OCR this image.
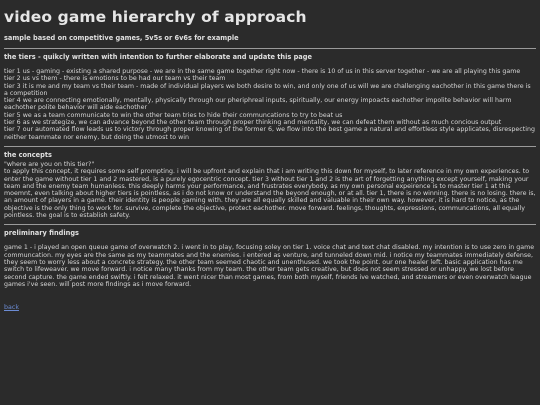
video game hierarchy of approach
sample based on competitive games, 5v5s or 6v6s for example
the tiers - quikcly written with intention to further elaborate and update this page
tier 1 us - gaming - existing a shared purpose - we are in the same game together right now - there is 10 of us in this server together - we are all playing this game
tier 2 us vs them - there is emotions to be had our team vs their team
tier 3 it is me and my team vs their team - made of individual players we both desire to win, and only one of us will we are challenging eachother in this game there is a competition
tier 4 we are connecting emotionally, mentally, physically through our pheriphreal inputs, spiritually, our energy impoacts eachother impolite behavior will harm eachother polite behavior will aide eachother
tier 5 we as a team communicate to win the other team tries to hide their communcations to try to beat us
tier 6 as we strategize, we can advance beyond the other team through proper thinking and mentality, we can defeat them without as much concious output
tier 7 our automated flow leads us to victory through proper knowing of the former 6, we flow into the best game a natural and effortless style applicates, disrespecting neither teammate nor enemy, but doing the utmost to win
the concepts
"where are you on this tier?"

to apply this concept, it requires some self prompting. i will be upfront and explain that i am writing this down for myself, to later reference in my own experiences. to enter the game without tier 1 and 2 mastered, is a purely egocentric concept. tier 3 without tier 1 and 2 is the art of forgetting anything except yourself, making your team and the enemy team humanless. this deeply harms your performance, and frustrates everybody. as my own personal expeirence is to master tier 1 at this moemnt, even talking about higher tiers is pointless, as i do not know or understand the beyond enough, or at all. tier 1, there is no winning. there is no losing. there is, an amount of players in a game. their identity is people gaming with. they are all equally skilled and valuable in their own way. however, it is hard to notice, as the objective is the only thing to work for. survive, complete the objective, protect eachother. move forward. feelings, thoughts, expressions, communcations, all equally pointless. the goal is to establish safety.

preliminary findings

game 1 - i played an open queue game of overwatch 2. i went in to play, focusing soley on tier 1. voice chat and text chat disabled. my intention is to use zero in game communcation. my eyes are the same as my teammates and the enemies. i entered as venture, and tunneled down mid. i notice my teammates immediately defense, they seem to worry less about a concrete strategy. the other team seemed chaotic and unenthused. we took the point. our one healer left. basic application has me switch to lifeweaver. we move forward. i notice many thanks from my team. the other team gets creative, but does not seem stressed or unhappy. we lost before second capture. the game ended swiftly. i felt relaxed. it went nicer than most games, from both myself, friends ive watched, and streamers or even overwatch league games i've seen. will post more findings as i move forward.

back
